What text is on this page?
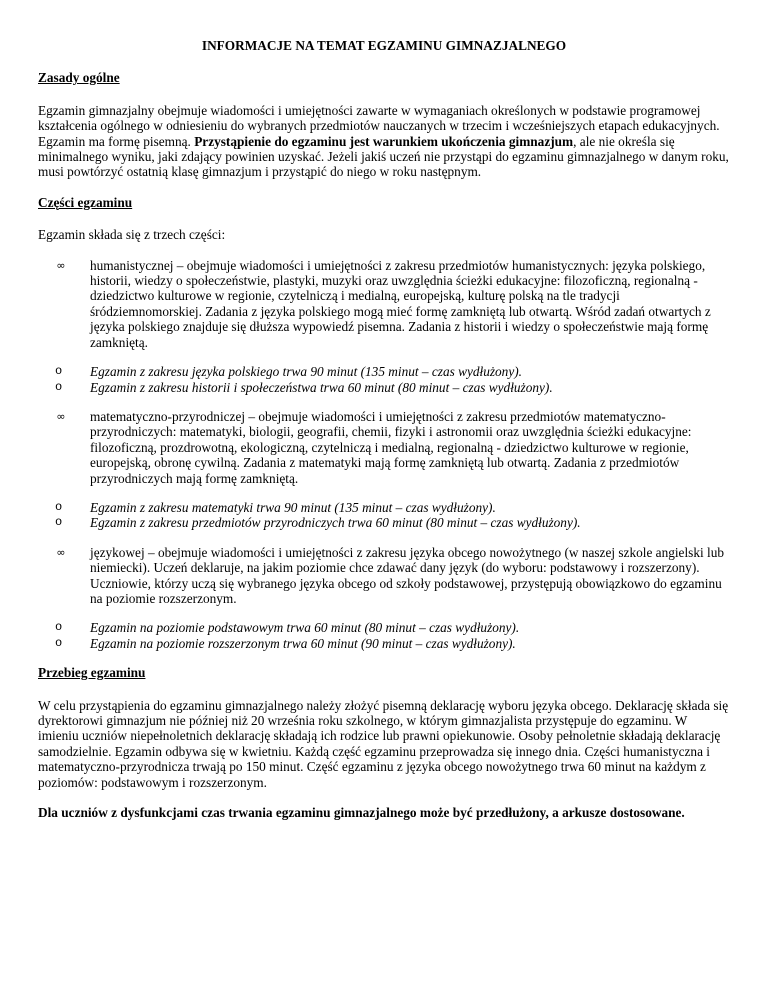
INFORMACJE NA TEMAT EGZAMINU GIMNAZJALNEGO
Zasady ogólne

Egzamin gimnazjalny obejmuje wiadomości i umiejętności zawarte w wymaganiach określonych w podstawie programowej kształcenia ogólnego w odniesieniu do wybranych przedmiotów nauczanych w trzecim i wcześniejszych etapach edukacyjnych. Egzamin ma formę pisemną. Przystąpienie do egzaminu jest warunkiem ukończenia gimnazjum, ale nie określa się minimalnego wyniku, jaki zdający powinien uzyskać. Jeżeli jakiś uczeń nie przystąpi do egzaminu gimnazjalnego w danym roku, musi powtórzyć ostatnią klasę gimnazjum i przystąpić do niego w roku następnym.

Części egzaminu

Egzamin składa się z trzech części:

∞ humanistycznej – obejmuje wiadomości i umiejętności z zakresu przedmiotów humanistycznych: języka polskiego, historii, wiedzy o społeczeństwie, plastyki, muzyki oraz uwzględnia ścieżki edukacyjne: filozoficzną, regionalną - dziedzictwo kulturowe w regionie, czytelniczą i medialną, europejską, kulturę polską na tle tradycji śródziemnomorskiej. Zadania z języka polskiego mogą mieć formę zamkniętą lub otwartą. Wśród zadań otwartych z języka polskiego znajduje się dłuższa wypowiedź pisemna. Zadania z historii i wiedzy o społeczeństwie mają formę zamkniętą.
o Egzamin z zakresu języka polskiego trwa 90 minut (135 minut – czas wydłużony).
o Egzamin z zakresu historii i społeczeństwa trwa 60 minut (80 minut – czas wydłużony).
∞ matematyczno-przyrodniczej – obejmuje wiadomości i umiejętności z zakresu przedmiotów matematyczno-przyrodniczych: matematyki, biologii, geografii, chemii, fizyki i astronomii oraz uwzględnia ścieżki edukacyjne: filozoficzną, prozdrowotną, ekologiczną, czytelniczą i medialną, regionalną - dziedzictwo kulturowe w regionie, europejską, obronę cywilną. Zadania z matematyki mają formę zamkniętą lub otwartą. Zadania z przedmiotów przyrodniczych mają formę zamkniętą.
o Egzamin z zakresu matematyki trwa 90 minut (135 minut – czas wydłużony).
o Egzamin z zakresu przedmiotów przyrodniczych trwa 60 minut (80 minut – czas wydłużony).
∞ językowej – obejmuje wiadomości i umiejętności z zakresu języka obcego nowożytnego (w naszej szkole angielski lub niemiecki). Uczeń deklaruje, na jakim poziomie chce zdawać dany język (do wyboru: podstawowy i rozszerzony). Uczniowie, którzy uczą się wybranego języka obcego od szkoły podstawowej, przystępują obowiązkowo do egzaminu na poziomie rozszerzonym.
o Egzamin na poziomie podstawowym trwa 60 minut (80 minut – czas wydłużony).
o Egzamin na poziomie rozszerzonym trwa 60 minut (90 minut – czas wydłużony).
Przebieg egzaminu

W celu przystąpienia do egzaminu gimnazjalnego należy złożyć pisemną deklarację wyboru języka obcego. Deklarację składa się dyrektorowi gimnazjum nie później niż 20 września roku szkolnego, w którym gimnazjalista przystępuje do egzaminu. W imieniu uczniów niepełnoletnich deklarację składają ich rodzice lub prawni opiekunowie. Osoby pełnoletnie składają deklarację samodzielnie. Egzamin odbywa się w kwietniu. Każdą część egzaminu przeprowadza się innego dnia. Części humanistyczna i matematyczno-przyrodnicza trwają po 150 minut. Część egzaminu z języka obcego nowożytnego trwa 60 minut na każdym z poziomów: podstawowym i rozszerzonym.

Dla uczniów z dysfunkcjami czas trwania egzaminu gimnazjalnego może być przedłużony, a arkusze dostosowane.
